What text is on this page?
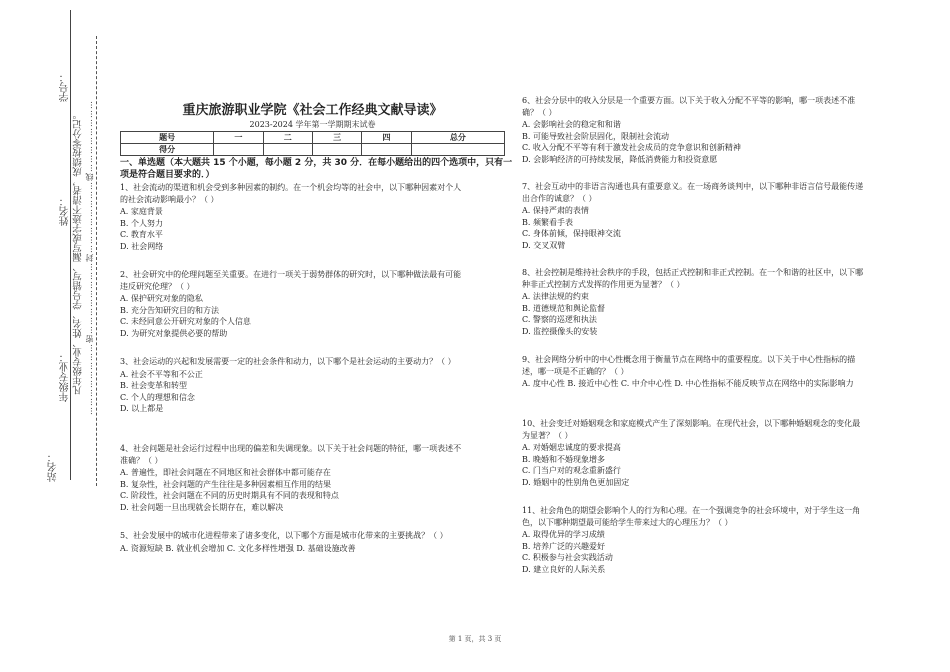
学号：
姓名：
年级专业： ……………………密……………………封……………………线……………………
凡年级专业、姓名、学号错写、漏写或字迹不清者，成绩按零分记。
站名：
重庆旅游职业学院《社会工作经典文献导读》
2023-2024 学年第一学期期末试卷
题号	一	二	三	四	总分
得分					
一、单选题（本大题共 15 个小题，每小题 2 分，共 30 分．在每小题给出的四个选项中，只有一项是符合题目要求的．）
1、社会流动的渠道和机会受到多种因素的制约。在一个机会均等的社会中，以下哪种因素对个人的社会流动影响最小？（ ）
A. 家庭背景
B. 个人努力
C. 教育水平
D. 社会网络
2、社会研究中的伦理问题至关重要。在进行一项关于弱势群体的研究时，以下哪种做法最有可能违反研究伦理？（ ）
A. 保护研究对象的隐私
B. 充分告知研究目的和方法
C. 未经同意公开研究对象的个人信息
D. 为研究对象提供必要的帮助
3、社会运动的兴起和发展需要一定的社会条件和动力，以下哪个是社会运动的主要动力？（ ）
A. 社会不平等和不公正
B. 社会变革和转型
C. 个人的理想和信念
D. 以上都是
4、社会问题是社会运行过程中出现的偏差和失调现象。以下关于社会问题的特征，哪一项表述不准确？（ ）
A. 普遍性，即社会问题在不同地区和社会群体中都可能存在
B. 复杂性，社会问题的产生往往是多种因素相互作用的结果
C. 阶段性，社会问题在不同的历史时期具有不同的表现和特点
D. 社会问题一旦出现就会长期存在，难以解决
5、社会发展中的城市化进程带来了诸多变化，以下哪个方面是城市化带来的主要挑战？（ ）
A. 资源短缺 B. 就业机会增加 C. 文化多样性增强 D. 基础设施改善
6、社会分层中的收入分层是一个重要方面。以下关于收入分配不平等的影响，哪一项表述不准确？（ ）
A. 会影响社会的稳定和和谐
B. 可能导致社会阶层固化，限制社会流动
C. 收入分配不平等有利于激发社会成员的竞争意识和创新精神
D. 会影响经济的可持续发展，降低消费能力和投资意愿
7、社会互动中的非语言沟通也具有重要意义。在一场商务谈判中，以下哪种非语言信号最能传递出合作的诚意？（ ）
A. 保持严肃的表情
B. 频繁看手表
C. 身体前倾，保持眼神交流
D. 交叉双臂
8、社会控制是维持社会秩序的手段，包括正式控制和非正式控制。在一个和谐的社区中，以下哪种非正式控制方式发挥的作用更为显著？（ ）
A. 法律法规的约束
B. 道德规范和舆论监督
C. 警察的巡逻和执法
D. 监控摄像头的安装
9、社会网络分析中的中心性概念用于衡量节点在网络中的重要程度。以下关于中心性指标的描述，哪一项是不正确的？（ ）
A. 度中心性 B. 接近中心性 C. 中介中心性 D. 中心性指标不能反映节点在网络中的实际影响力
10、社会变迁对婚姻观念和家庭模式产生了深刻影响。在现代社会，以下哪种婚姻观念的变化最为显著？（ ）
A. 对婚姻忠诚度的要求提高
B. 晚婚和不婚现象增多
C. 门当户对的观念重新盛行
D. 婚姻中的性别角色更加固定
11、社会角色的期望会影响个人的行为和心理。在一个强调竞争的社会环境中，对于学生这一角色，以下哪种期望最可能给学生带来过大的心理压力？（ ）
A. 取得优异的学习成绩
B. 培养广泛的兴趣爱好
C. 积极参与社会实践活动
D. 建立良好的人际关系
第 1 页，共 3 页
